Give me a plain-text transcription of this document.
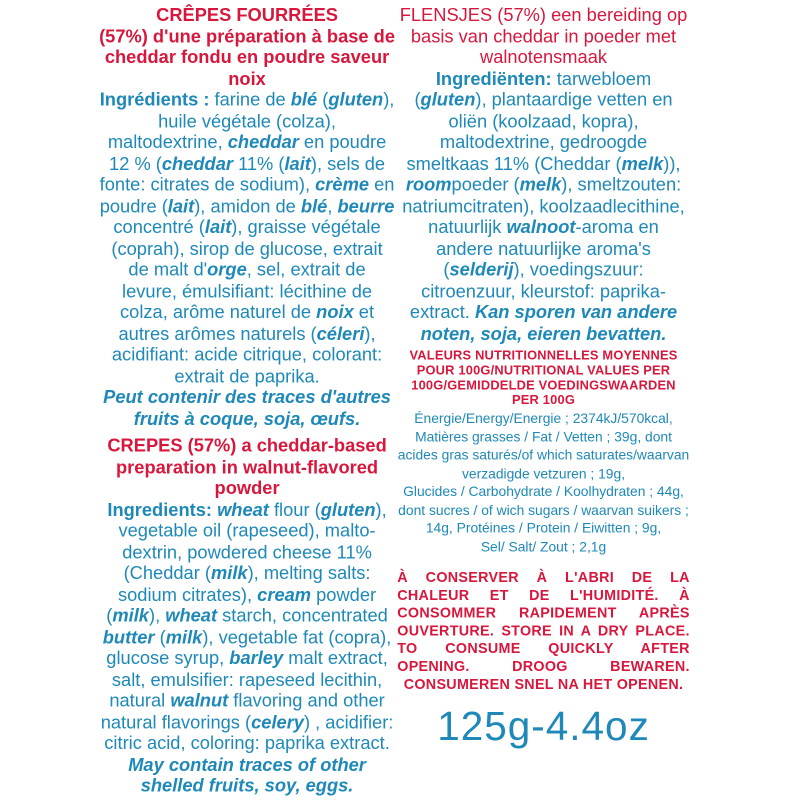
CRÊPES FOURRÉES
(57%) d'une préparation à base de cheddar fondu en poudre saveur noix
Ingrédients : farine de blé (gluten), huile végétale (colza), maltodextrine, cheddar en poudre 12 % (cheddar 11% (lait), sels de fonte: citrates de sodium), crème en poudre (lait), amidon de blé, beurre concentré (lait), graisse végétale (coprah), sirop de glucose, extrait de malt d'orge, sel, extrait de levure, émulsifiant: lécithine de colza, arôme naturel de noix et autres arômes naturels (céleri), acidifiant: acide citrique, colorant: extrait de paprika.
Peut contenir des traces d'autres fruits à coque, soja, œufs.
CREPES (57%) a cheddar-based preparation in walnut-flavored powder
Ingredients: wheat flour (gluten), vegetable oil (rapeseed), malto-dextrin, powdered cheese 11% (Cheddar (milk), melting salts: sodium citrates), cream powder (milk), wheat starch, concentrated butter (milk), vegetable fat (copra), glucose syrup, barley malt extract, salt, emulsifier: rapeseed lecithin, natural walnut flavoring and other natural flavorings (celery) , acidifier: citric acid, coloring: paprika extract.
May contain traces of other shelled fruits, soy, eggs.
FLENSJES (57%) een bereiding op basis van cheddar in poeder met walnotensmaak
Ingrediënten: tarwebloem (gluten), plantaardige vetten en oliën (koolzaad, kopra), maltodextrine, gedroogde smeltkaas 11% (Cheddar (melk)), roompoeder (melk), smeltzouten: natriumcitraten), koolzaadlecithine, natuurlijk walnoot-aroma en andere natuurlijke aroma's (selderij), voedingszuur: citroenzuur, kleurstof: paprika-extract. Kan sporen van andere noten, soja, eieren bevatten.
VALEURS NUTRITIONNELLES MOYENNES
POUR 100G/NUTRITIONAL VALUES PER
100G/GEMIDDELDE VOEDINGSWAARDEN
PER 100G
Énergie/Energy/Energie ; 2374kJ/570kcal,
Matières grasses / Fat / Vetten ; 39g, dont
acides gras saturés/of which saturates/waarvan
verzadigde vetzuren ; 19g,
Glucides / Carbohydrate / Koolhydraten ; 44g,
dont sucres / of wich sugars / waarvan suikers ;
14g, Protéines / Protein / Eiwitten ; 9g,
Sel/ Salt/ Zout ; 2,1g
À CONSERVER À L'ABRI DE LA CHALEUR ET DE L'HUMIDITÉ. À CONSOMMER RAPIDEMENT APRÈS OUVERTURE. STORE IN A DRY PLACE. TO CONSUME QUICKLY AFTER OPENING. DROOG BEWAREN. CONSUMEREN SNEL NA HET OPENEN.
125g-4.4oz
